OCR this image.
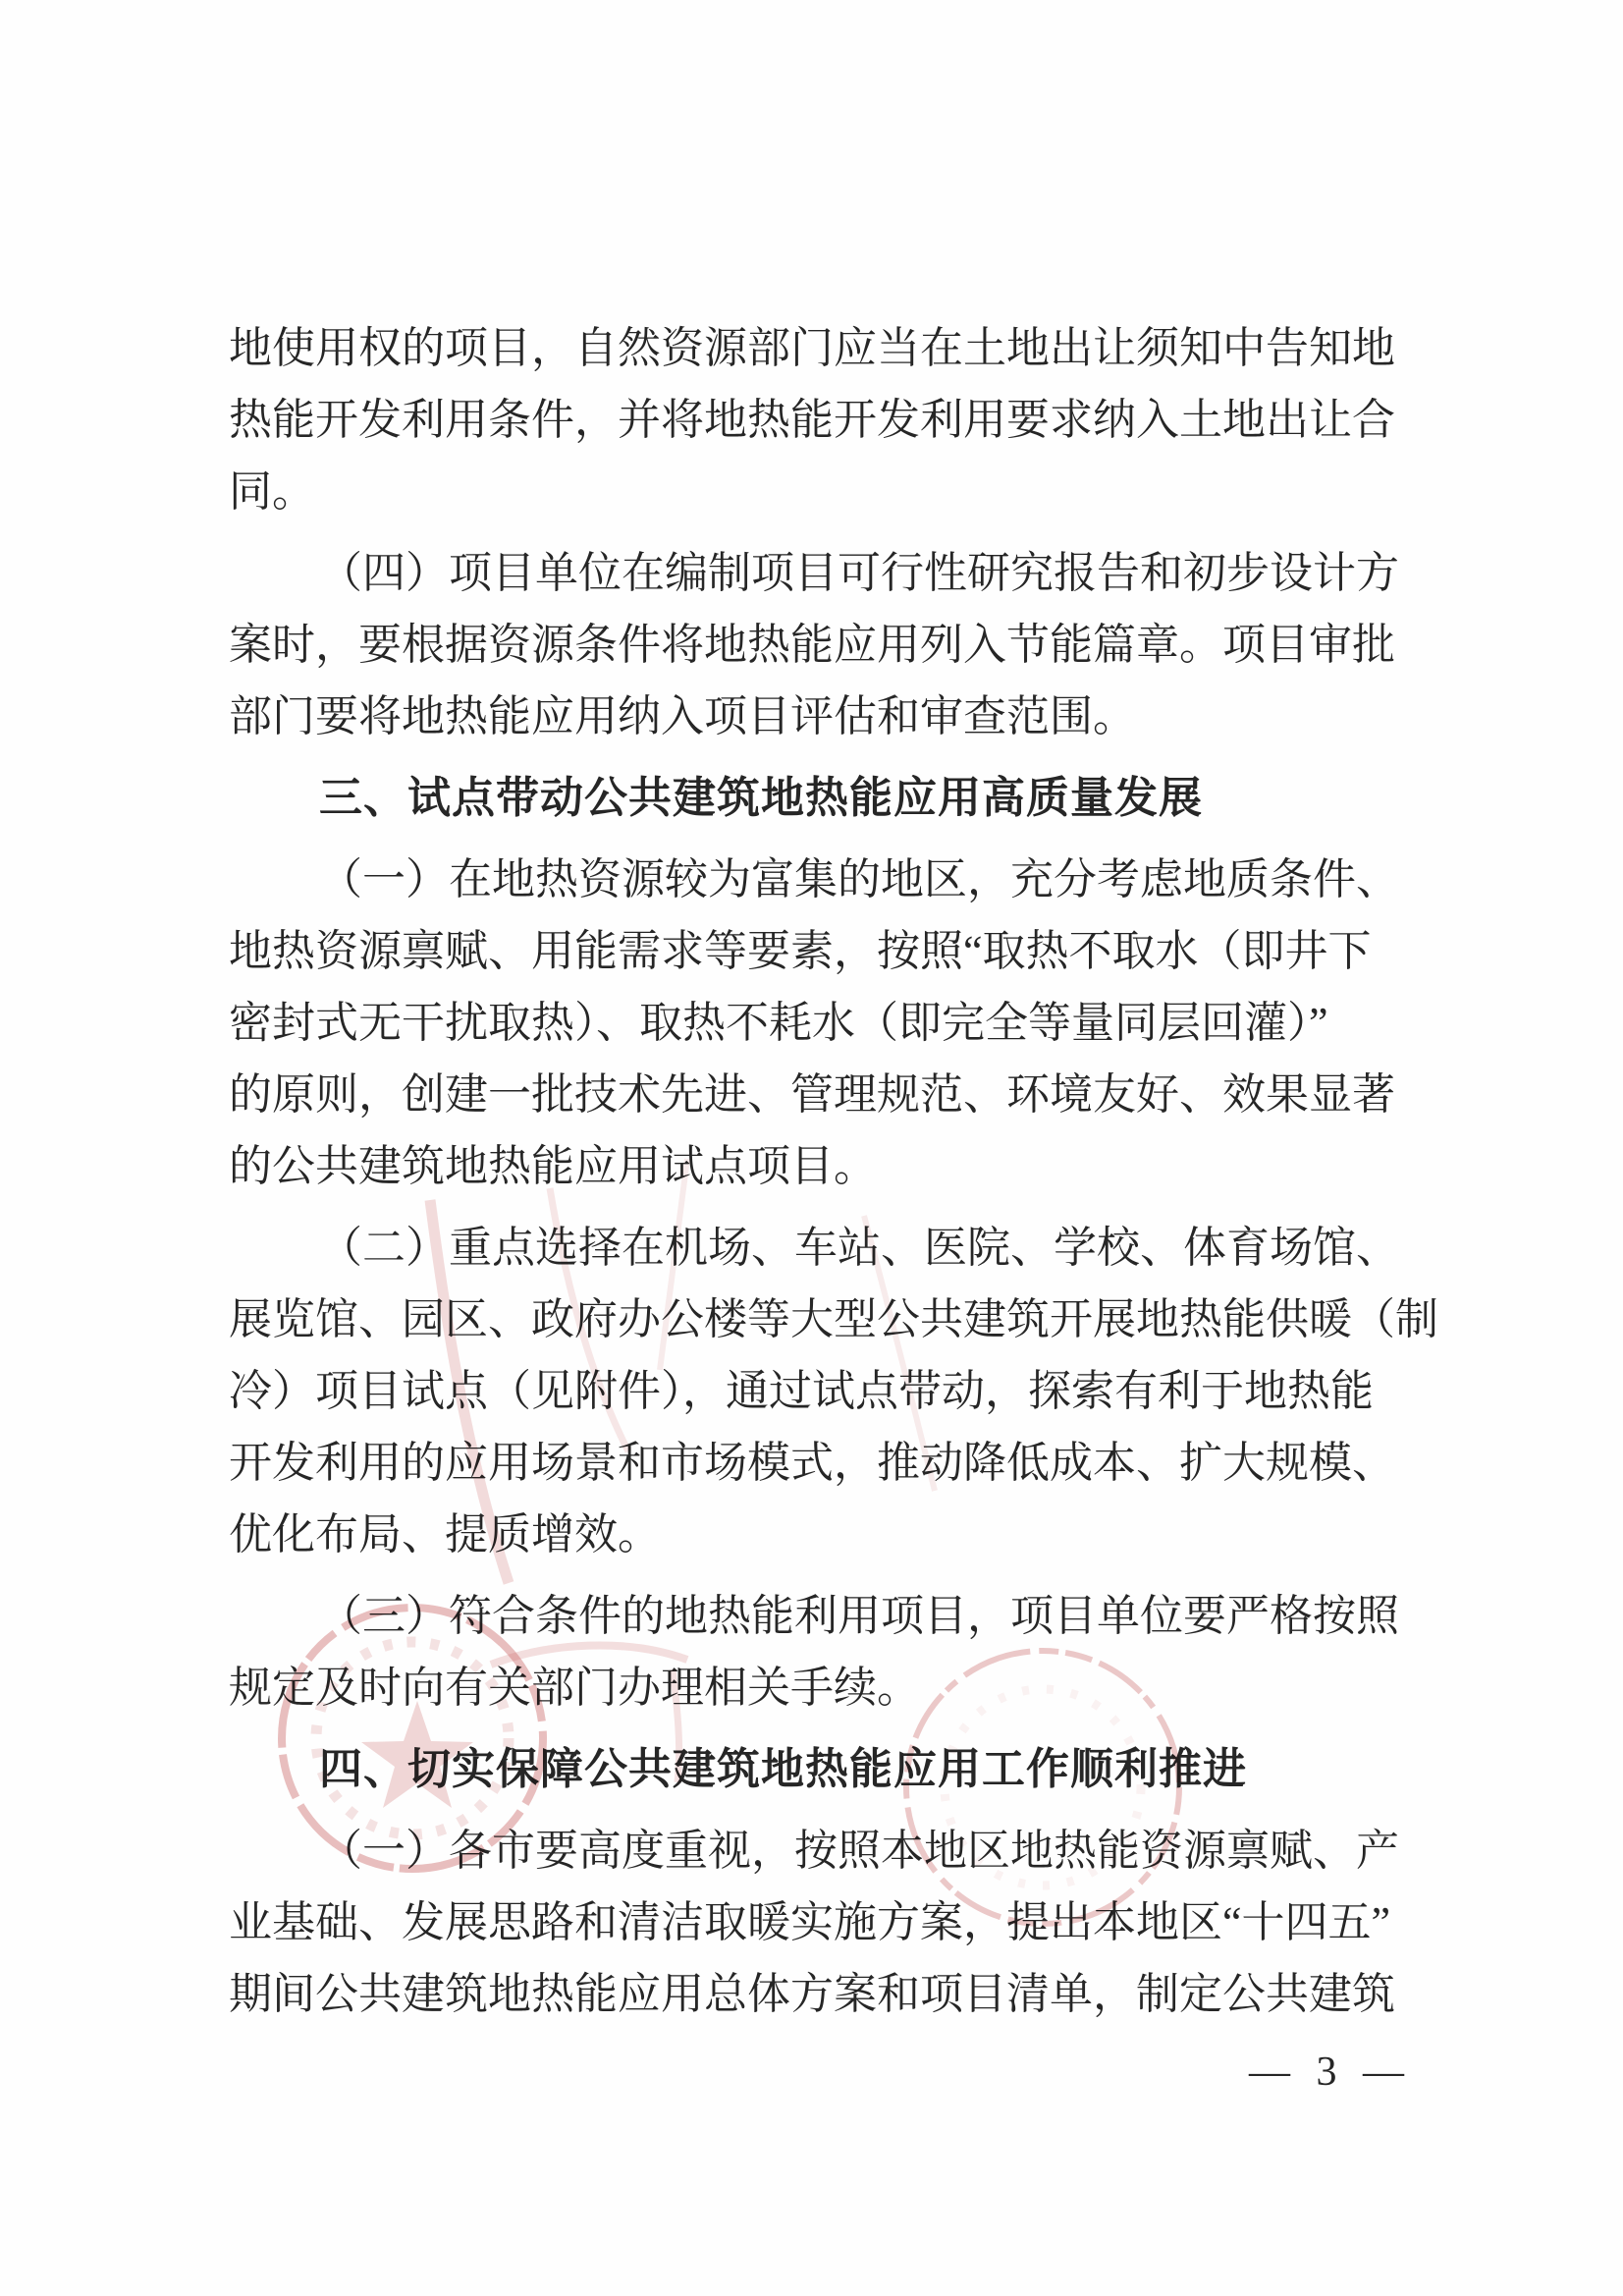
地使用权的项目，自然资源部门应当在土地出让须知中告知地
热能开发利用条件，并将地热能开发利用要求纳入土地出让合
同。

（四）项目单位在编制项目可行性研究报告和初步设计方
案时，要根据资源条件将地热能应用列入节能篇章。项目审批
部门要将地热能应用纳入项目评估和审查范围。

三、试点带动公共建筑地热能应用高质量发展

（一）在地热资源较为富集的地区，充分考虑地质条件、
地热资源禀赋、用能需求等要素，按照“取热不取水（即井下
密封式无干扰取热）、取热不耗水（即完全等量同层回灌）”
的原则，创建一批技术先进、管理规范、环境友好、效果显著
的公共建筑地热能应用试点项目。

（二）重点选择在机场、车站、医院、学校、体育场馆、
展览馆、园区、政府办公楼等大型公共建筑开展地热能供暖（制
冷）项目试点（见附件），通过试点带动，探索有利于地热能
开发利用的应用场景和市场模式，推动降低成本、扩大规模、
优化布局、提质增效。

（三）符合条件的地热能利用项目，项目单位要严格按照
规定及时向有关部门办理相关手续。

四、切实保障公共建筑地热能应用工作顺利推进

（一）各市要高度重视，按照本地区地热能资源禀赋、产
业基础、发展思路和清洁取暖实施方案，提出本地区“十四五”
期间公共建筑地热能应用总体方案和项目清单，制定公共建筑

— 3 —
